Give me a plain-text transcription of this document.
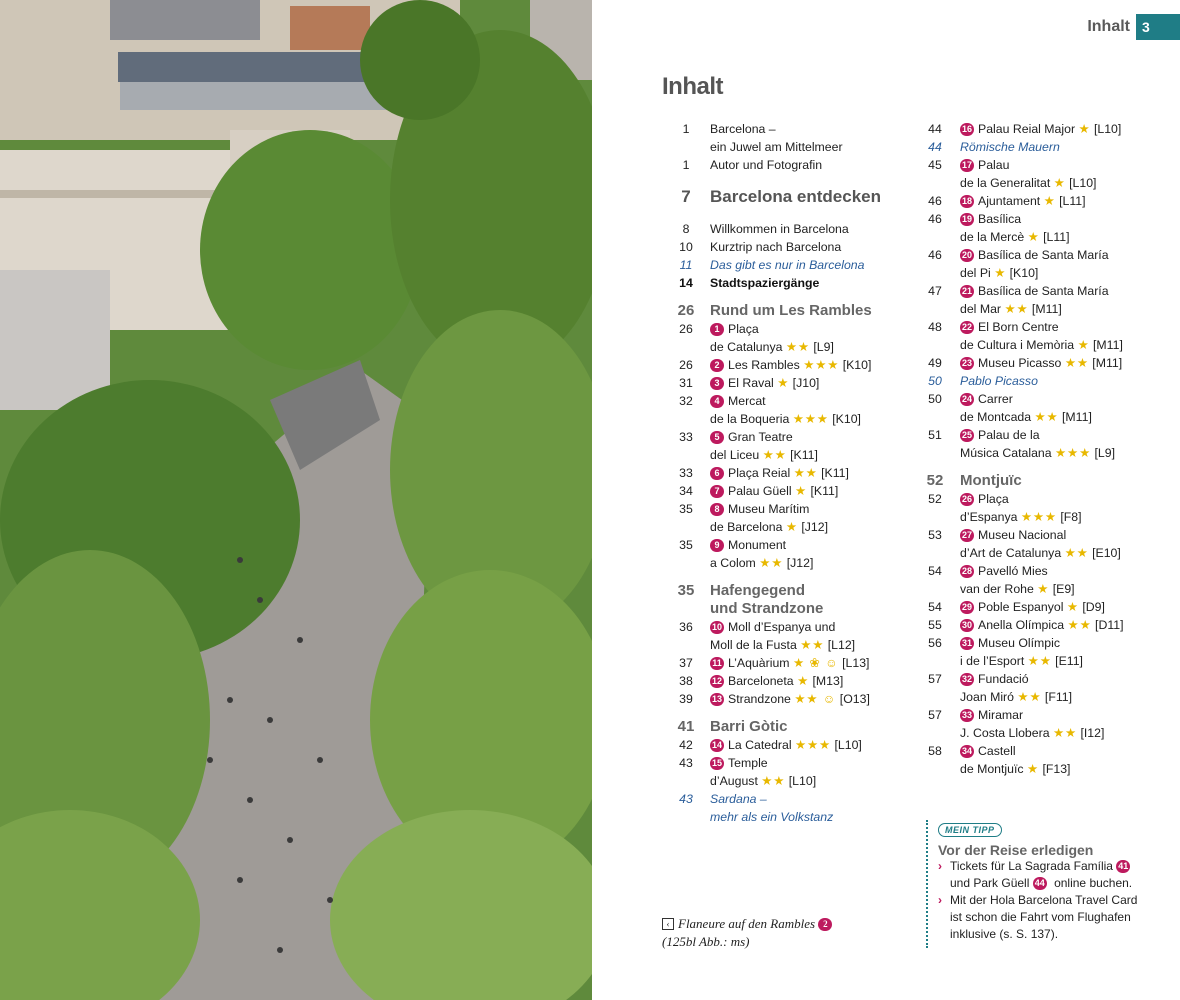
Inhalt 3
Inhalt
1	Barcelona –
ein Juwel am Mittelmeer
1	Autor und Fotografin
7	Barcelona entdecken
8	Willkommen in Barcelona
10	Kurztrip nach Barcelona
11	Das gibt es nur in Barcelona
14	Stadtspaziergänge
26	Rund um Les Rambles
26	1 Plaça
de Catalunya ★★ [L9]
26	2 Les Rambles ★★★ [K10]
31	3 El Raval ★ [J10]
32	4 Mercat
de la Boqueria ★★★ [K10]
33	5 Gran Teatre
del Liceu ★★ [K11]
33	6 Plaça Reial ★★ [K11]
34	7 Palau Güell ★ [K11]
35	8 Museu Marítim
de Barcelona ★ [J12]
35	9 Monument
a Colom ★★ [J12]
35	Hafengegend
und Strandzone
36	10 Moll d’Espanya und
Moll de la Fusta ★★ [L12]
37	11 L’Aquàrium ★ ❀ ☺ [L13]
38	12 Barceloneta ★ [M13]
39	13 Strandzone ★★ ☺ [O13]
41	Barri Gòtic
42	14 La Catedral ★★★ [L10]
43	15 Temple
d’August ★★ [L10]
43	Sardana –
mehr als ein Volkstanz
44	16 Palau Reial Major ★ [L10]
44	Römische Mauern
45	17 Palau
de la Generalitat ★ [L10]
46	18 Ajuntament ★ [L11]
46	19 Basílica
de la Mercè ★ [L11]
46	20 Basílica de Santa María
del Pi ★ [K10]
47	21 Basílica de Santa María
del Mar ★★ [M11]
48	22 El Born Centre
de Cultura i Memòria ★ [M11]
49	23 Museu Picasso ★★ [M11]
50	Pablo Picasso
50	24 Carrer
de Montcada ★★ [M11]
51	25 Palau de la
Música Catalana ★★★ [L9]
52	Montjuïc
52	26 Plaça
d’Espanya ★★★ [F8]
53	27 Museu Nacional
d’Art de Catalunya ★★ [E10]
54	28 Pavelló Mies
van der Rohe ★ [E9]
54	29 Poble Espanyol ★ [D9]
55	30 Anella Olímpica ★★ [D11]
56	31 Museu Olímpic
i de l’Esport ★★ [E11]
57	32 Fundació
Joan Miró ★★ [F11]
57	33 Miramar
J. Costa Llobera ★★ [I12]
58	34 Castell
de Montjuïc ★ [F13]
‹ Flaneure auf den Rambles 2
(125bl Abb.: ms)
MEIN TIPP
Vor der Reise erledigen
› Tickets für La Sagrada Família 41
und Park Güell 44 online buchen.
› Mit der Hola Barcelona Travel Card
ist schon die Fahrt vom Flughafen
inklusive (s. S. 137).
